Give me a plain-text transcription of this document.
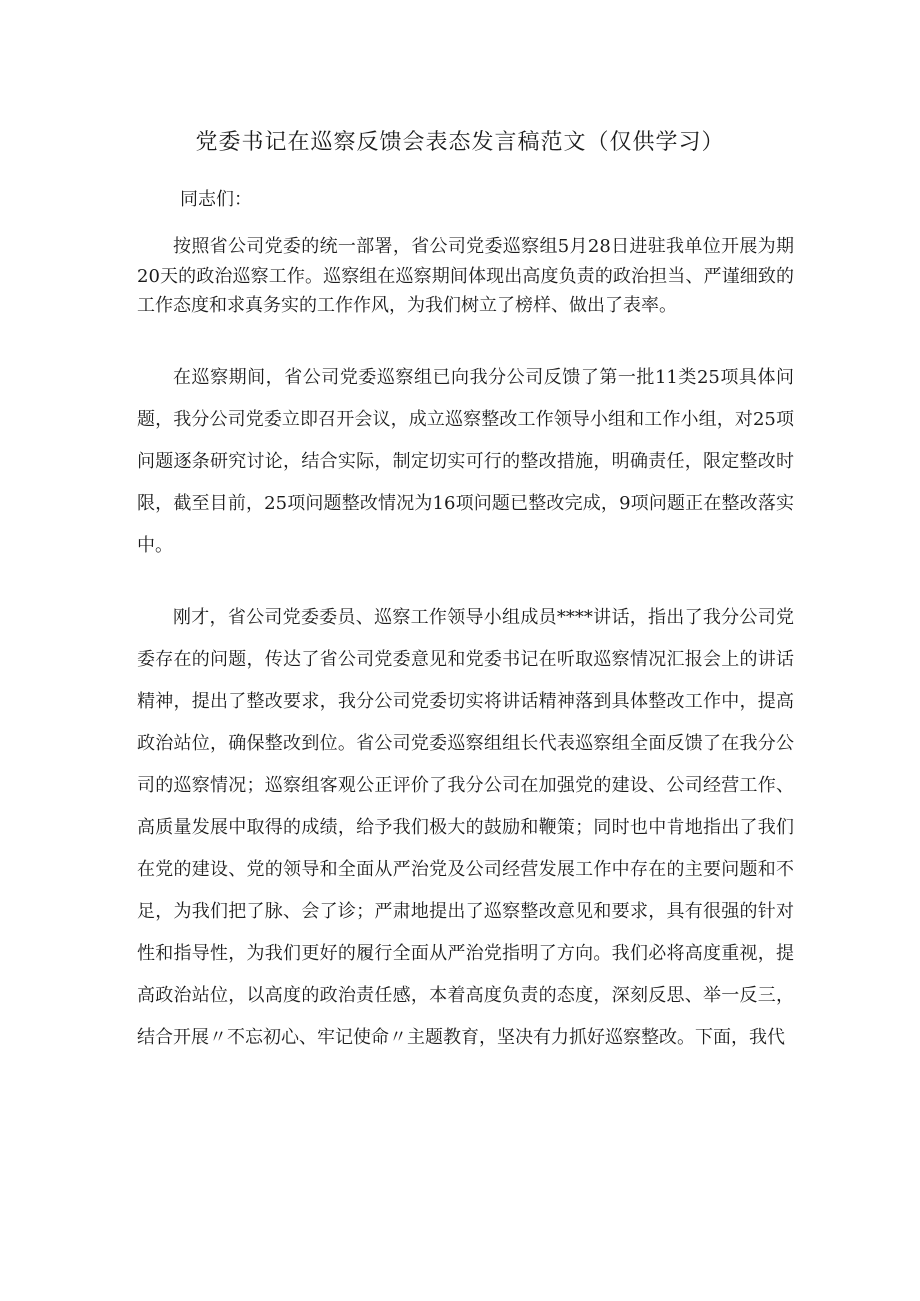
党委书记在巡察反馈会表态发言稿范文（仅供学习）
同志们：

按照省公司党委的统一部署，省公司党委巡察组5月28日进驻我单位开展为期20天的政治巡察工作。巡察组在巡察期间体现出高度负责的政治担当、严谨细致的工作态度和求真务实的工作作风，为我们树立了榜样、做出了表率。

在巡察期间，省公司党委巡察组已向我分公司反馈了第一批11类25项具体问题，我分公司党委立即召开会议，成立巡察整改工作领导小组和工作小组，对25项问题逐条研究讨论，结合实际，制定切实可行的整改措施，明确责任，限定整改时限，截至目前，25项问题整改情况为16项问题已整改完成，9项问题正在整改落实中。

刚才，省公司党委委员、巡察工作领导小组成员****讲话，指出了我分公司党委存在的问题，传达了省公司党委意见和党委书记在听取巡察情况汇报会上的讲话精神，提出了整改要求，我分公司党委切实将讲话精神落到具体整改工作中，提高政治站位，确保整改到位。省公司党委巡察组组长代表巡察组全面反馈了在我分公司的巡察情况；巡察组客观公正评价了我分公司在加强党的建设、公司经营工作、高质量发展中取得的成绩，给予我们极大的鼓励和鞭策；同时也中肯地指出了我们在党的建设、党的领导和全面从严治党及公司经营发展工作中存在的主要问题和不足，为我们把了脉、会了诊；严肃地提出了巡察整改意见和要求，具有很强的针对性和指导性，为我们更好的履行全面从严治党指明了方向。我们必将高度重视，提高政治站位，以高度的政治责任感，本着高度负责的态度，深刻反思、举一反三，结合开展〃不忘初心、牢记使命〃主题教育，坚决有力抓好巡察整改。下面，我代
